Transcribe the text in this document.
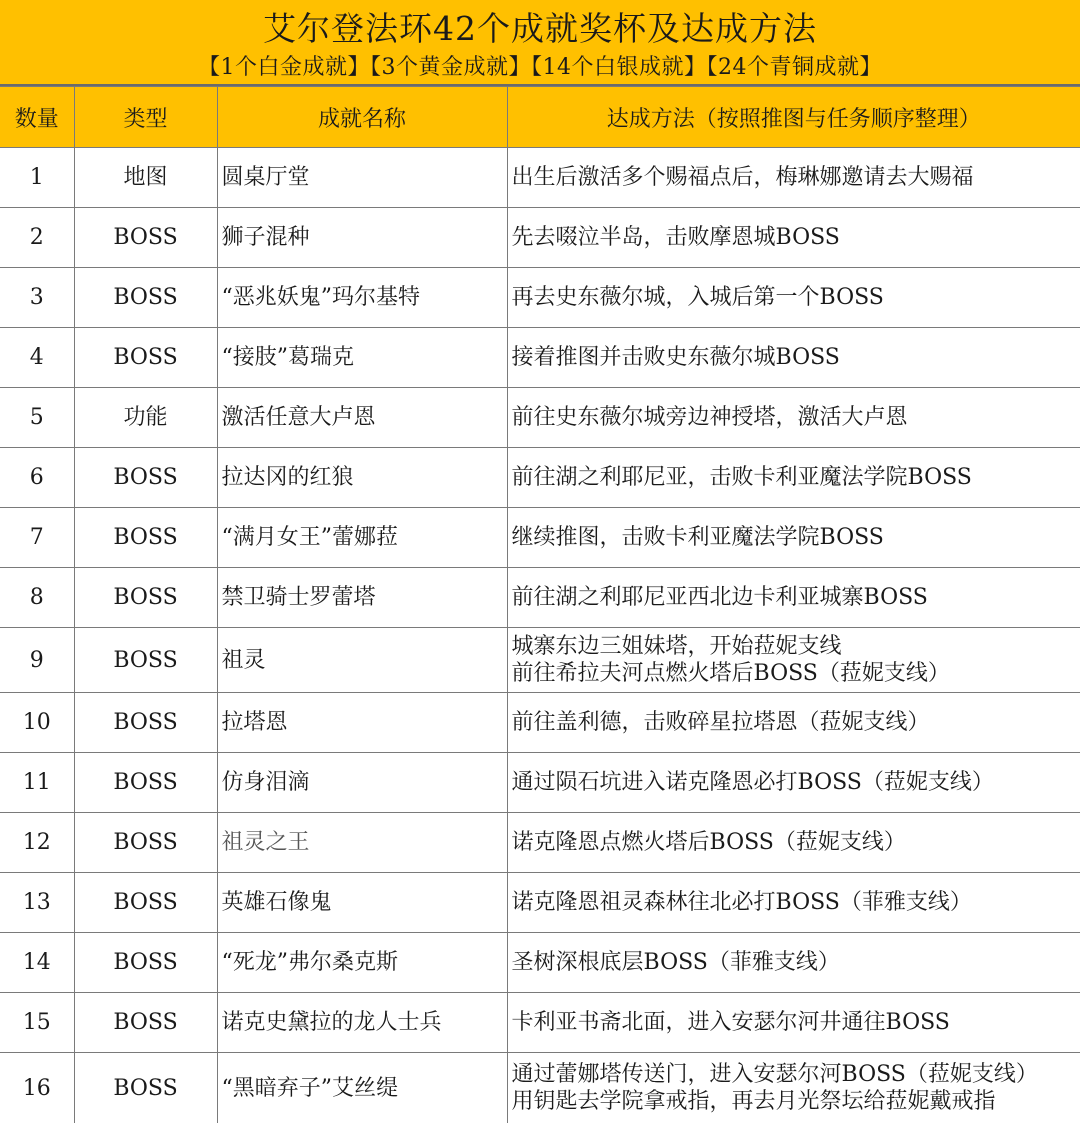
艾尔登法环42个成就奖杯及达成方法
【1个白金成就】【3个黄金成就】【14个白银成就】【24个青铜成就】
数量	类型	成就名称	达成方法（按照推图与任务顺序整理）
1	地图	圆桌厅堂	出生后激活多个赐福点后，梅琳娜邀请去大赐福

2	BOSS	狮子混种	先去啜泣半岛，击败摩恩城BOSS

3	BOSS	“恶兆妖鬼”玛尔基特	再去史东薇尔城，入城后第一个BOSS

4	BOSS	“接肢”葛瑞克	接着推图并击败史东薇尔城BOSS

5	功能	激活任意大卢恩	前往史东薇尔城旁边神授塔，激活大卢恩

6	BOSS	拉达冈的红狼	前往湖之利耶尼亚，击败卡利亚魔法学院BOSS

7	BOSS	“满月女王”蕾娜菈	继续推图，击败卡利亚魔法学院BOSS

8	BOSS	禁卫骑士罗蕾塔	前往湖之利耶尼亚西北边卡利亚城寨BOSS

9	BOSS	祖灵	城寨东边三姐妹塔，开始菈妮支线
前往希拉夫河点燃火塔后BOSS（菈妮支线）

10	BOSS	拉塔恩	前往盖利德，击败碎星拉塔恩（菈妮支线）

11	BOSS	仿身泪滴	通过陨石坑进入诺克隆恩必打BOSS（菈妮支线）

12	BOSS	祖灵之王	诺克隆恩点燃火塔后BOSS（菈妮支线）

13	BOSS	英雄石像鬼	诺克隆恩祖灵森林往北必打BOSS（菲雅支线）

14	BOSS	“死龙”弗尔桑克斯	圣树深根底层BOSS（菲雅支线）

15	BOSS	诺克史黛拉的龙人士兵	卡利亚书斋北面，进入安瑟尔河井通往BOSS

16	BOSS	“黑暗弃子”艾丝缇	通过蕾娜塔传送门，进入安瑟尔河BOSS（菈妮支线）
用钥匙去学院拿戒指，再去月光祭坛给菈妮戴戒指
